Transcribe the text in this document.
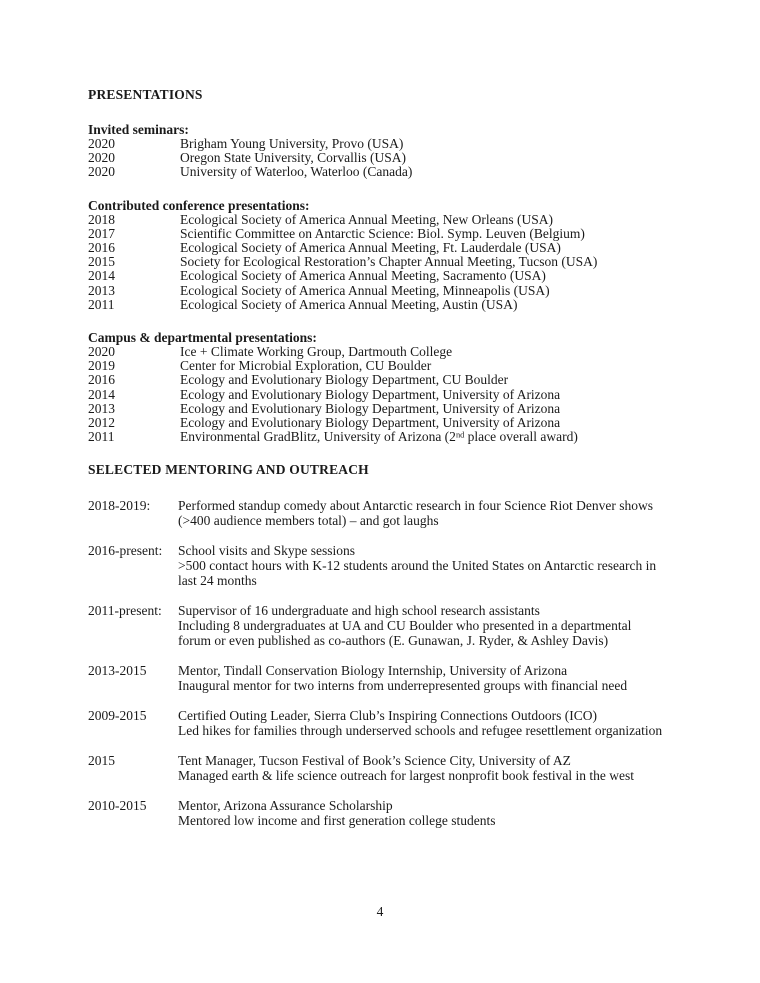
PRESENTATIONS
Invited seminars:
2020	Brigham Young University, Provo (USA)
2020	Oregon State University, Corvallis (USA)
2020	University of Waterloo, Waterloo (Canada)
Contributed conference presentations:
2018	Ecological Society of America Annual Meeting, New Orleans (USA)
2017	Scientific Committee on Antarctic Science: Biol. Symp. Leuven (Belgium)
2016	Ecological Society of America Annual Meeting, Ft. Lauderdale (USA)
2015	Society for Ecological Restoration’s Chapter Annual Meeting, Tucson (USA)
2014	Ecological Society of America Annual Meeting, Sacramento (USA)
2013	Ecological Society of America Annual Meeting, Minneapolis (USA)
2011	Ecological Society of America Annual Meeting, Austin (USA)
Campus & departmental presentations:
2020	Ice + Climate Working Group, Dartmouth College
2019	Center for Microbial Exploration, CU Boulder
2016	Ecology and Evolutionary Biology Department, CU Boulder
2014	Ecology and Evolutionary Biology Department, University of Arizona
2013	Ecology and Evolutionary Biology Department, University of Arizona
2012	Ecology and Evolutionary Biology Department, University of Arizona
2011	Environmental GradBlitz, University of Arizona (2nd place overall award)
SELECTED MENTORING AND OUTREACH
2018-2019:	Performed standup comedy about Antarctic research in four Science Riot Denver shows
(>400 audience members total) – and got laughs
2016-present:	School visits and Skype sessions
>500 contact hours with K-12 students around the United States on Antarctic research in
last 24 months
2011-present:	Supervisor of 16 undergraduate and high school research assistants
Including 8 undergraduates at UA and CU Boulder who presented in a departmental
forum or even published as co-authors (E. Gunawan, J. Ryder, & Ashley Davis)
2013-2015	Mentor, Tindall Conservation Biology Internship, University of Arizona
Inaugural mentor for two interns from underrepresented groups with financial need
2009-2015	Certified Outing Leader, Sierra Club’s Inspiring Connections Outdoors (ICO)
Led hikes for families through underserved schools and refugee resettlement organization
2015	Tent Manager, Tucson Festival of Book’s Science City, University of AZ
Managed earth & life science outreach for largest nonprofit book festival in the west
2010-2015	Mentor, Arizona Assurance Scholarship
Mentored low income and first generation college students
4
